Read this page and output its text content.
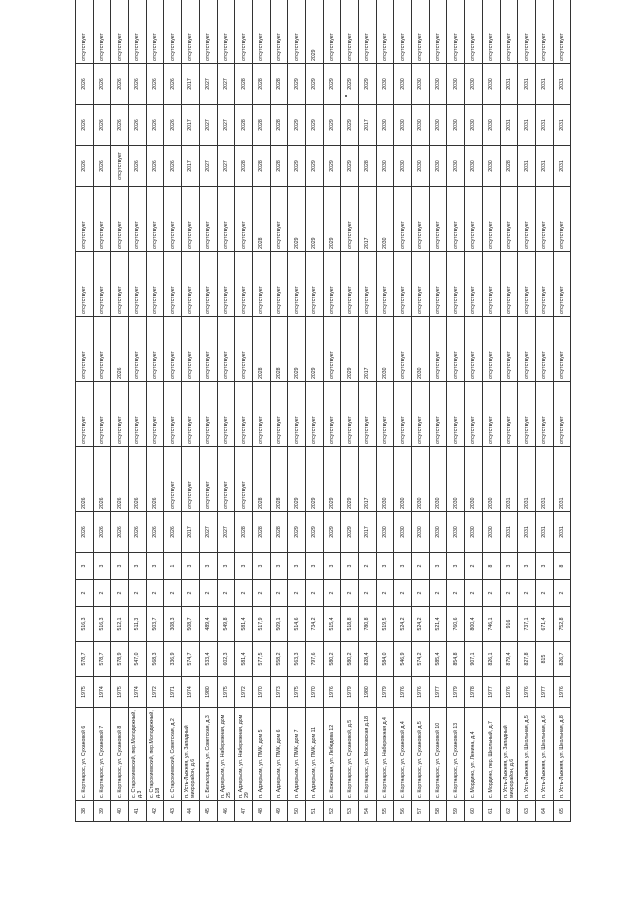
38	с. Кортнарос, ул. Сухановой 6	1975	578,7	516,3	2	3	2026	2026	отсутствует	отсутствует	отсутствует	отсутствует	2026	2026	2026	отсутствует
39	с. Кортнарос, ул. Сухановой 7	1974	578,7	516,3	2	3	2026	2026	отсутствует	отсутствует	отсутствует	отсутствует	2026	2026	2026	отсутствует
40	с. Кортнарос, ул. Сухановой 8	1975	578,9	512,1	2	3	2026	2026	отсутствует	2026	отсутствует	отсутствует	отсутствует	2026	2026	отсутствует
41	с. Старокиевский, пер.Молодежный, д.3	1974	547,0	511,3	2	3	2026	2026	отсутствует	отсутствует	отсутствует	отсутствует	2026	2026	2026	отсутствует
42	с. Старокиевский, пер.Молодежный, д.18	1972	568,3	503,7	2	3	2026	2026	отсутствует	отсутствует	отсутствует	отсутствует	2026	2026	2026	отсутствует
43	с. Старокиевский, Советская, д.2	1971	336,9	308,3	2	1	2026	отсутствует	отсутствует	отсутствует	отсутствует	отсутствует	2026	2026	2026	отсутствует
44	п. Усть-Лыжняя, ул. Западный микрорайон, д.6	1974	574,7	508,7	2	3	2017	отсутствует	отсутствует	отсутствует	отсутствует	отсутствует	2017	2017	2017	отсутствует
45	с. Бельгорьенн, ул. Советская, д.3	1980	533,4	489,4	2	3	2027	отсутствует	отсутствует	отсутствует	отсутствует	отсутствует	2027	2027	2027	отсутствует
46	п. Адзерьом, ул. Набережная, дом 25	1975	602,3	549,8	2	3	2027	отсутствует	отсутствует	отсутствует	отсутствует	отсутствует	2027	2027	2027	отсутствует
47	п. Адзерьом, ул. Набережная, дом 29	1972	581,4	581,4	2	3	2028	отсутствует	отсутствует	отсутствует	отсутствует	отсутствует	2028	2028	2028	отсутствует
48	п. Адзерьом, ул. ПМК, дом 5	1970	577,5	517,9	2	3	2028	2028	отсутствует	2028	отсутствует	2028	2028	2028	2028	отсутствует
49	п. Адзерьом, ул. ПМК, дом 6	1973	558,2	509,1	2	3	2028	2028	отсутствует	2028	отсутствует	отсутствует	2028	2028	2028	отсутствует
50	п. Адзерьом, ул. ПМК, дом 7	1975	563,3	514,6	2	3	2029	2029	отсутствует	2029	отсутствует	2029	2029	2029	2029	отсутствует
51	п. Адзерьом, ул. ПМК, дом 11	1970	797,6	734,2	2	3	2029	2029	отсутствует	2029	отсутствует	2029	2029	2029	2029	2029
52	с. Кожинская, ул. Лебедева 12	1976	580,2	515,4	2	3	2029	2029	отсутствует	отсутствует	отсутствует	2029	2029	2029	2029	отсутствует
53	с. Кортнарос, ул. Сухановой, д.5	1979	580,2	518,8	2	3	2029	2029	отсутствует	2029	отсутствует	отсутствует	2029	2029	2029	отсутствует
54	с. Кортнарос, ул. Московская д.18	1980	828,4	780,8	2	2	2017	2017	отсутствует	2017	отсутствует	2017	2028	2017	2029	отсутствует
55	с. Кортнарос, ул. Набережная д.4	1979	584,0	519,5	2	3	2030	2030	отсутствует	2030	отсутствует	2030	2030	2030	2030	отсутствует
56	с. Кортнарос, ул. Сухановой д.4	1976	546,9	524,2	2	3	2030	2030	отсутствует	отсутствует	отсутствует	отсутствует	2030	2030	2030	отсутствует
57	с. Кортнарос, ул. Сухановой д.5	1976	574,2	524,2	2	2	2030	2030	отсутствует	2030	отсутствует	отсутствует	2030	2030	2030	отсутствует
58	с. Кортнарос, ул. Сухановой 10	1977	585,4	521,4	2	3	2030	2030	отсутствует	отсутствует	отсутствует	отсутствует	2030	2030	2030	отсутствует
59	с. Кортнарос, ул. Сухановой 13	1979	854,8	760,6	2	3	2030	2030	отсутствует	отсутствует	отсутствует	отсутствует	2030	2030	2030	отсутствует
60	с. Мордино, ул. Ленина, д.4	1978	907,1	800,4	2	2	2030	2030	отсутствует	отсутствует	отсутствует	отсутствует	2030	2030	2030	отсутствует
61	с. Мордино, пер. Школьный, д.7	1977	826,1	746,1	2	8	2030	2030	отсутствует	отсутствует	отсутствует	отсутствует	2030	2030	2030	отсутствует
62	п. Усть-Лыжняя, ул. Западный микрорайон, д.6	1976	879,4	916	2	3	2031	2031	отсутствует	отсутствует	отсутствует	отсутствует	2028	2031	2031	отсутствует
63	п. Усть-Лыжняя, ул. Школьная, д.5	1976	827,8	737,1	2	3	2031	2031	отсутствует	отсутствует	отсутствует	отсутствует	2031	2031	2031	отсутствует
64	п. Усть-Лыжняя, ул. Школьная, д.6	1977	815	671,4	2	3	2031	2031	отсутствует	отсутствует	отсутствует	отсутствует	2031	2031	2031	отсутствует
65	п. Усть-Лыжняя, ул. Школьная, д.8	1976	826,7	752,8	2	8	2031	2031	отсутствует	отсутствует	отсутствует	отсутствует	2031	2031	2031	отсутствует
